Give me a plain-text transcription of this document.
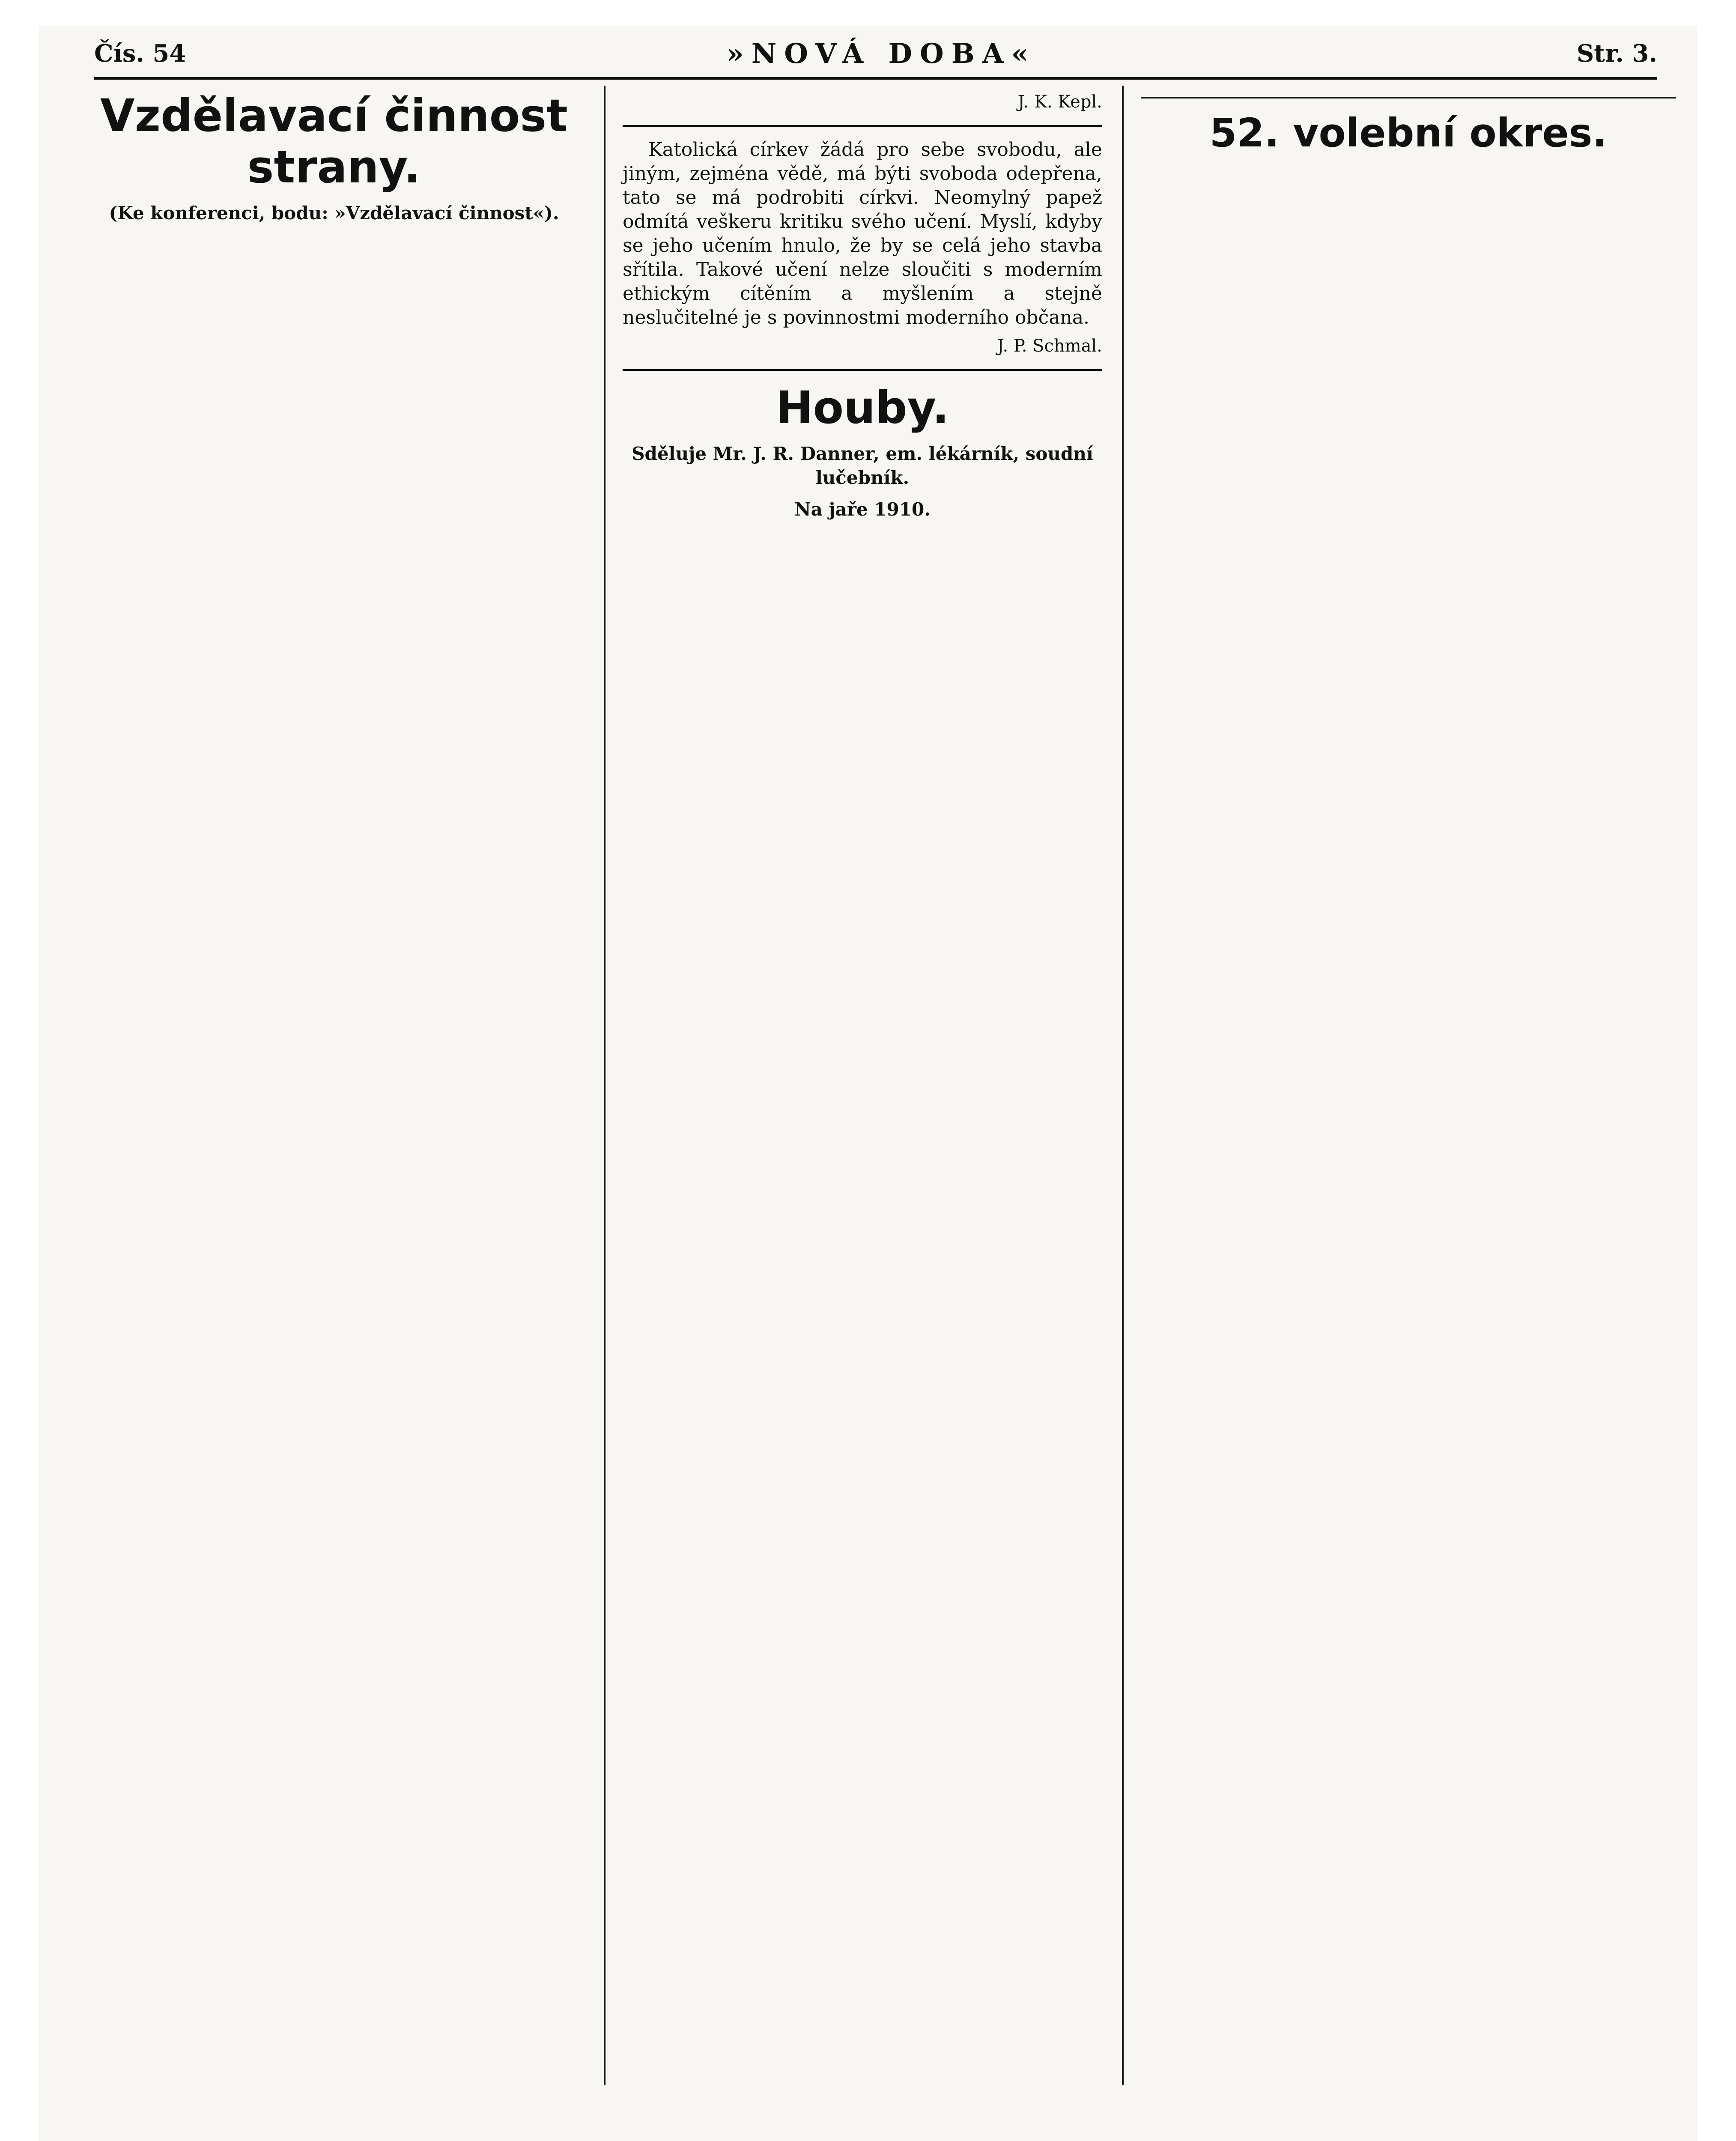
Čís. 54	»NOVÁ DOBA«	Str. 3.
Vzdělavací činnost strany.
(Ke konferenci, bodu: »Vzdělavací činnost«).

J. K. Kepl.

Katolická církev žádá pro sebe svobodu, ale jiným, zejména vědě, má býti svoboda odepřena, tato se má podrobiti církvi. Neomylný papež odmítá veškeru kritiku svého učení. Myslí, kdyby se jeho učením hnulo, že by se celá jeho stavba sřítila. Takové učení nelze sloučiti s moderním ethickým cítěním a myšlením a stejně neslučitelné je s povinnostmi moderního občana.

J. P. Schmal.
Houby.
Sděluje Mr. J. R. Danner, em. lékárník, soudní lučebník.
Na jaře 1910.

52. volební okres.
